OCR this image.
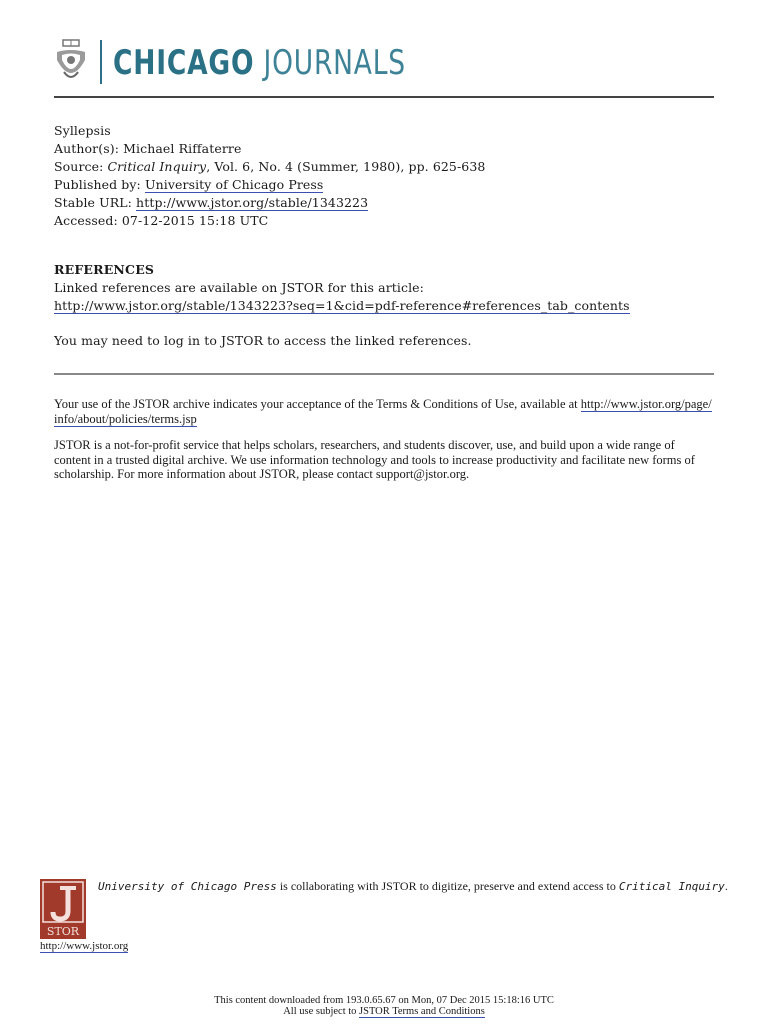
CHICAGO JOURNALS
Syllepsis
Author(s): Michael Riffaterre
Source: Critical Inquiry, Vol. 6, No. 4 (Summer, 1980), pp. 625-638
Published by: University of Chicago Press
Stable URL: http://www.jstor.org/stable/1343223
Accessed: 07-12-2015 15:18 UTC
REFERENCES
Linked references are available on JSTOR for this article:
http://www.jstor.org/stable/1343223?seq=1&cid=pdf-reference#references_tab_contents
You may need to log in to JSTOR to access the linked references.
Your use of the JSTOR archive indicates your acceptance of the Terms & Conditions of Use, available at http://www.jstor.org/page/
info/about/policies/terms.jsp
JSTOR is a not-for-profit service that helps scholars, researchers, and students discover, use, and build upon a wide range of content in a trusted digital archive. We use information technology and tools to increase productivity and facilitate new forms of scholarship. For more information about JSTOR, please contact support@jstor.org.
STOR
http://www.jstor.org
University of Chicago Press is collaborating with JSTOR to digitize, preserve and extend access to Critical Inquiry.
This content downloaded from 193.0.65.67 on Mon, 07 Dec 2015 15:18:16 UTC
All use subject to JSTOR Terms and Conditions
